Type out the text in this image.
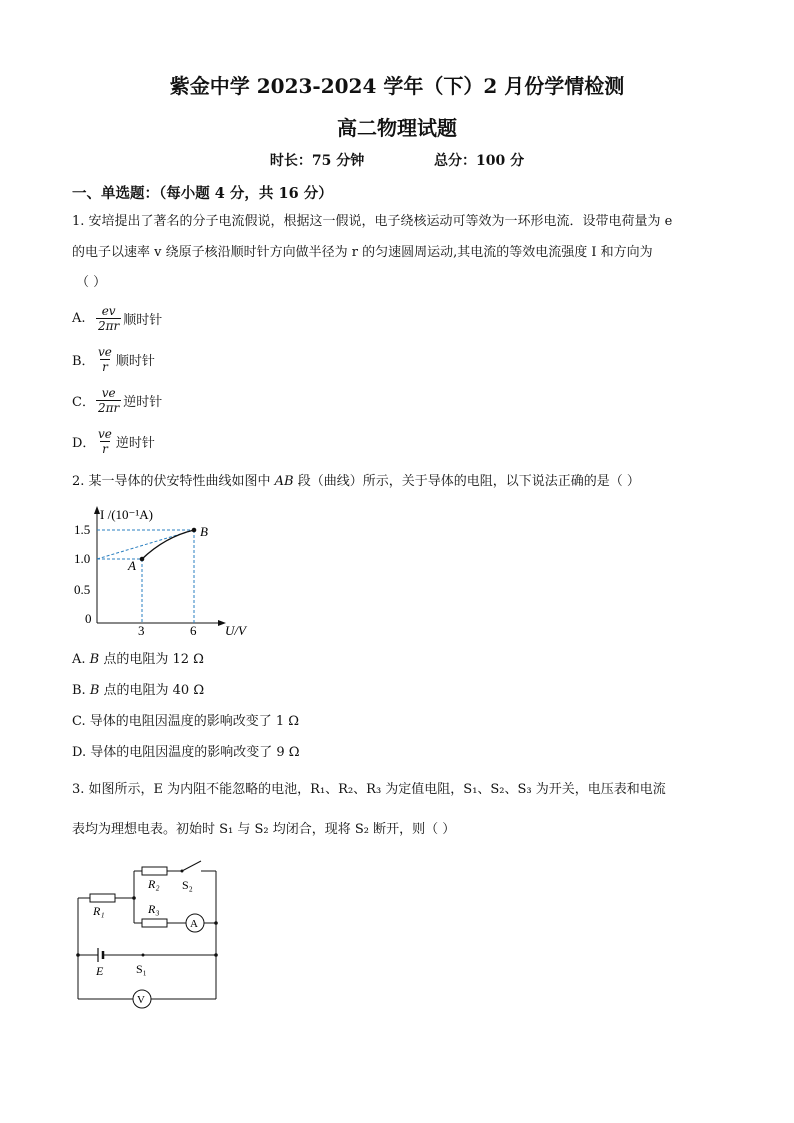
紫金中学 2023-2024 学年（下）2 月份学情检测
高二物理试题
时长：75 分钟	总分：100 分
一、单选题：（每小题 4 分，共 16 分）
1. 安培提出了著名的分子电流假说，根据这一假说，电子绕核运动可等效为一环形电流．设带电荷量为 e
的电子以速率 v 绕原子核沿顺时针方向做半径为 r 的匀速圆周运动,其电流的等效电流强度 I 和方向为
（ ）
A. $\frac{ev}{2\pi r}$ 顺时针
B． $\frac{ve}{r}$ 顺时针
C． $\frac{ve}{2\pi r}$ 逆时针
D． $\frac{ve}{r}$ 逆时针
2. 某一导体的伏安特性曲线如图中 AB 段（曲线）所示，关于导体的电阻，以下说法正确的是（ ）
I /(10⁻¹A)
1.5
1.0
0.5
0
3	6 U/V
A
B
A. B 点的电阻为 12 Ω
B. B 点的电阻为 40 Ω
C. 导体的电阻因温度的影响改变了 1 Ω
D. 导体的电阻因温度的影响改变了 9 Ω
3. 如图所示，E 为内阻不能忽略的电池，R₁、R₂、R₃ 为定值电阻，S₁、S₂、S₃ 为开关，电压表和电流
表均为理想电表。初始时 S₁ 与 S₂ 均闭合，现将 S₂ 断开，则（ ）
R₁
R₂ S₂
R₃
A
E	S₁
V
